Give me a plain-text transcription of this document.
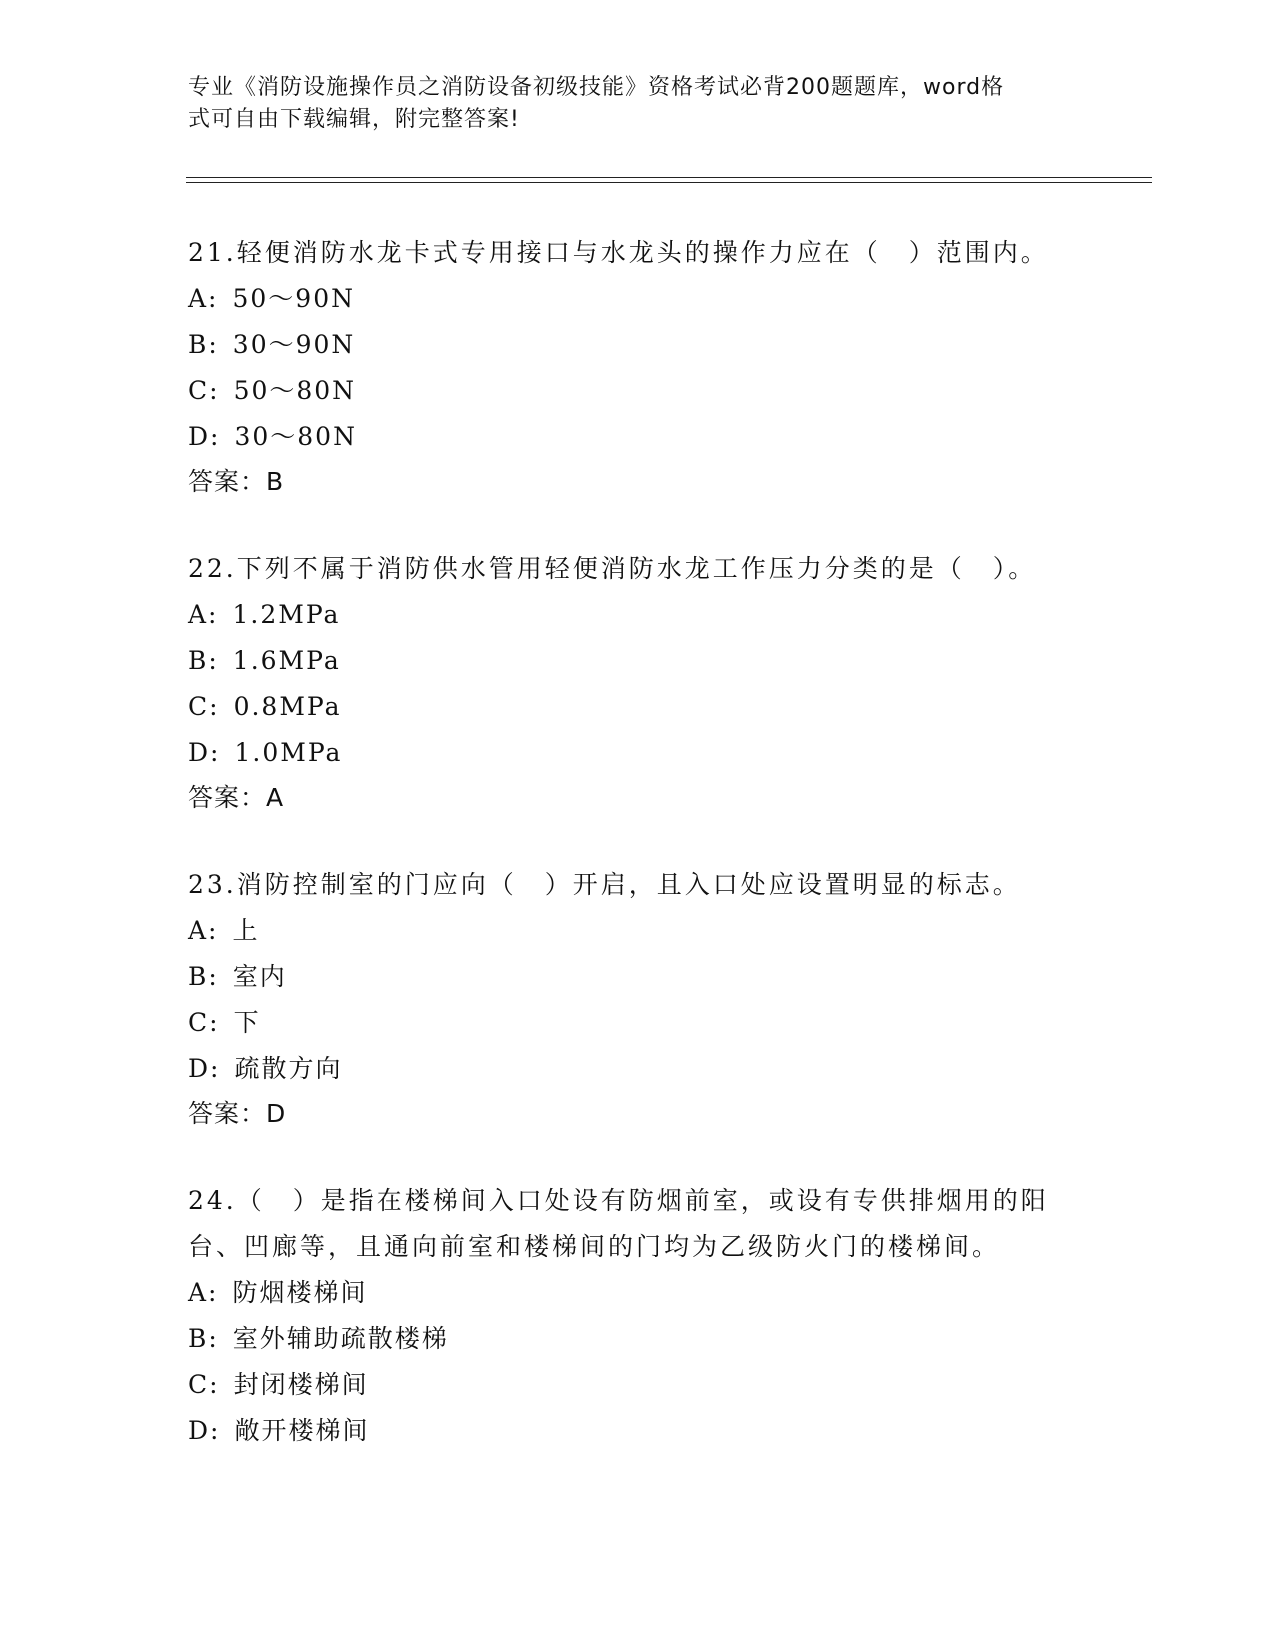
专业《消防设施操作员之消防设备初级技能》资格考试必背200题题库，word格
式可自由下载编辑，附完整答案!

21.轻便消防水龙卡式专用接口与水龙头的操作力应在（　）范围内。

A: 50～90N
B: 30～90N
C: 50～80N
D: 30～80N
答案：B

22.下列不属于消防供水管用轻便消防水龙工作压力分类的是（　）。

A: 1.2MPa
B: 1.6MPa
C: 0.8MPa
D: 1.0MPa
答案：A

23.消防控制室的门应向（　）开启，且入口处应设置明显的标志。

A: 上
B: 室内
C: 下
D: 疏散方向
答案：D

24.（　）是指在楼梯间入口处设有防烟前室，或设有专供排烟用的阳台、凹廊等，且通向前室和楼梯间的门均为乙级防火门的楼梯间。

A: 防烟楼梯间
B: 室外辅助疏散楼梯
C: 封闭楼梯间
D: 敞开楼梯间
